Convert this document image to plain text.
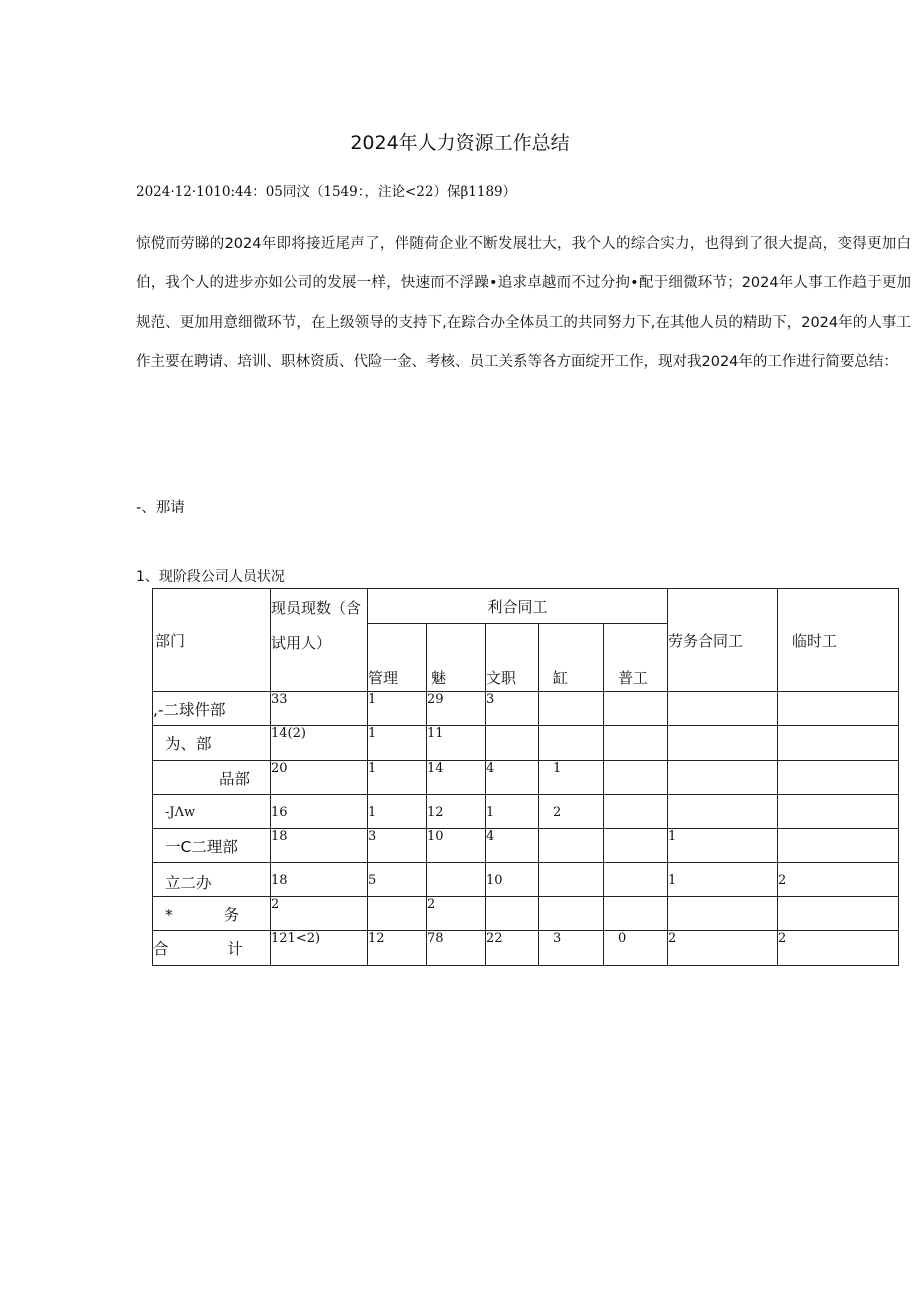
2024年人力资源工作总结
2024·12·1010:44：05同汶（1549：，注论<22）保β1189）
惊傥而劳睇的2024年即将接近尾声了，伴随荷企业不断发展壮大，我个人的综合实力，也得到了很大提高，变得更加白伯，我个人的进步亦如公司的发展一样，快速而不浮躁•追求卓越而不过分拘•配于细微环节；2024年人事工作趋于更加规范、更加用意细微环节，在上级领导的支持下,在踪合办全体员工的共同努力下,在其他人员的精助下，2024年的人事工作主要在聘请、培训、职林资质、代险一金、考核、员工关系等各方面绽开工作，现对我2024年的工作进行简要总结：
-、那请
1、现阶段公司人员状况
部门	现员现数（含试用人）	利合同工					劳务合同工	临时工
		管理	魅	文职	缸	普工		
,-二球件部	33	1	29	3				
为、部	14(2)	1	11					
品部	20	1	14	4	1			
-JΛw	16	1	12	1	2			
一C二理部	18	3	10	4			1	
立二办	18	5		10			1	2
* 务	2		2					
合 计	121<2)	12	78	22	3	0	2	2
